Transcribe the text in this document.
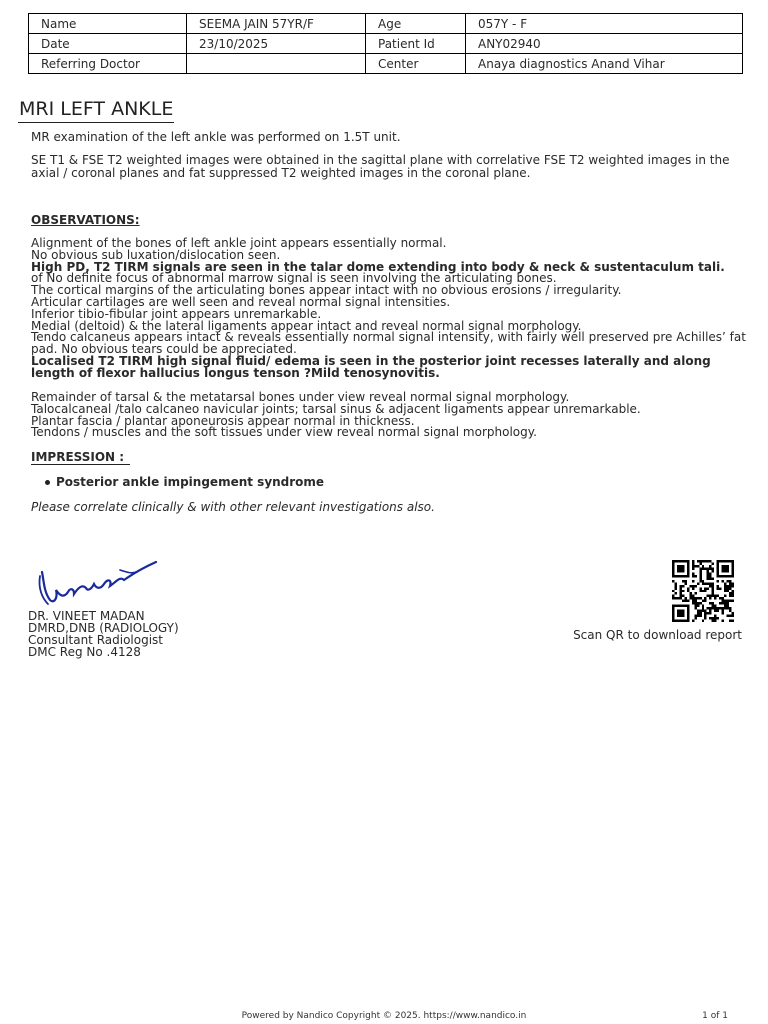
Name	SEEMA JAIN 57YR/F	Age	057Y - F
Date	23/10/2025	Patient Id	ANY02940
Referring Doctor		Center	Anaya diagnostics Anand Vihar
MRI LEFT ANKLE
MR examination of the left ankle was performed on 1.5T unit.
SE T1 & FSE T2 weighted images were obtained in the sagittal plane with correlative FSE T2 weighted images in the axial / coronal planes and fat suppressed T2 weighted images in the coronal plane.
OBSERVATIONS:
Alignment of the bones of left ankle joint appears essentially normal.
No obvious sub luxation/dislocation seen.
High PD, T2 TIRM signals are seen in the talar dome extending into body & neck & sustentaculum tali.
of No definite focus of abnormal marrow signal is seen involving the articulating bones.
The cortical margins of the articulating bones appear intact with no obvious erosions / irregularity.
Articular cartilages are well seen and reveal normal signal intensities.
Inferior tibio-fibular joint appears unremarkable.
Medial (deltoid) & the lateral ligaments appear intact and reveal normal signal morphology.
Tendo calcaneus appears intact & reveals essentially normal signal intensity, with fairly well preserved pre Achilles’ fat pad. No obvious tears could be appreciated.
Localised T2 TIRM high signal fluid/ edema is seen in the posterior joint recesses laterally and along length of flexor hallucius longus tenson ?Mild tenosynovitis.
Remainder of tarsal & the metatarsal bones under view reveal normal signal morphology.
Talocalcaneal /talo calcaneo navicular joints; tarsal sinus & adjacent ligaments appear unremarkable.
Plantar fascia / plantar aponeurosis appear normal in thickness.
Tendons / muscles and the soft tissues under view reveal normal signal morphology.
IMPRESSION :
Posterior ankle impingement syndrome
Please correlate clinically & with other relevant investigations also.
DR. VINEET MADAN
DMRD,DNB (RADIOLOGY)
Consultant Radiologist
DMC Reg No .4128
Scan QR to download report
Powered by Nandico Copyright © 2025. https://www.nandico.in	1 of 1
